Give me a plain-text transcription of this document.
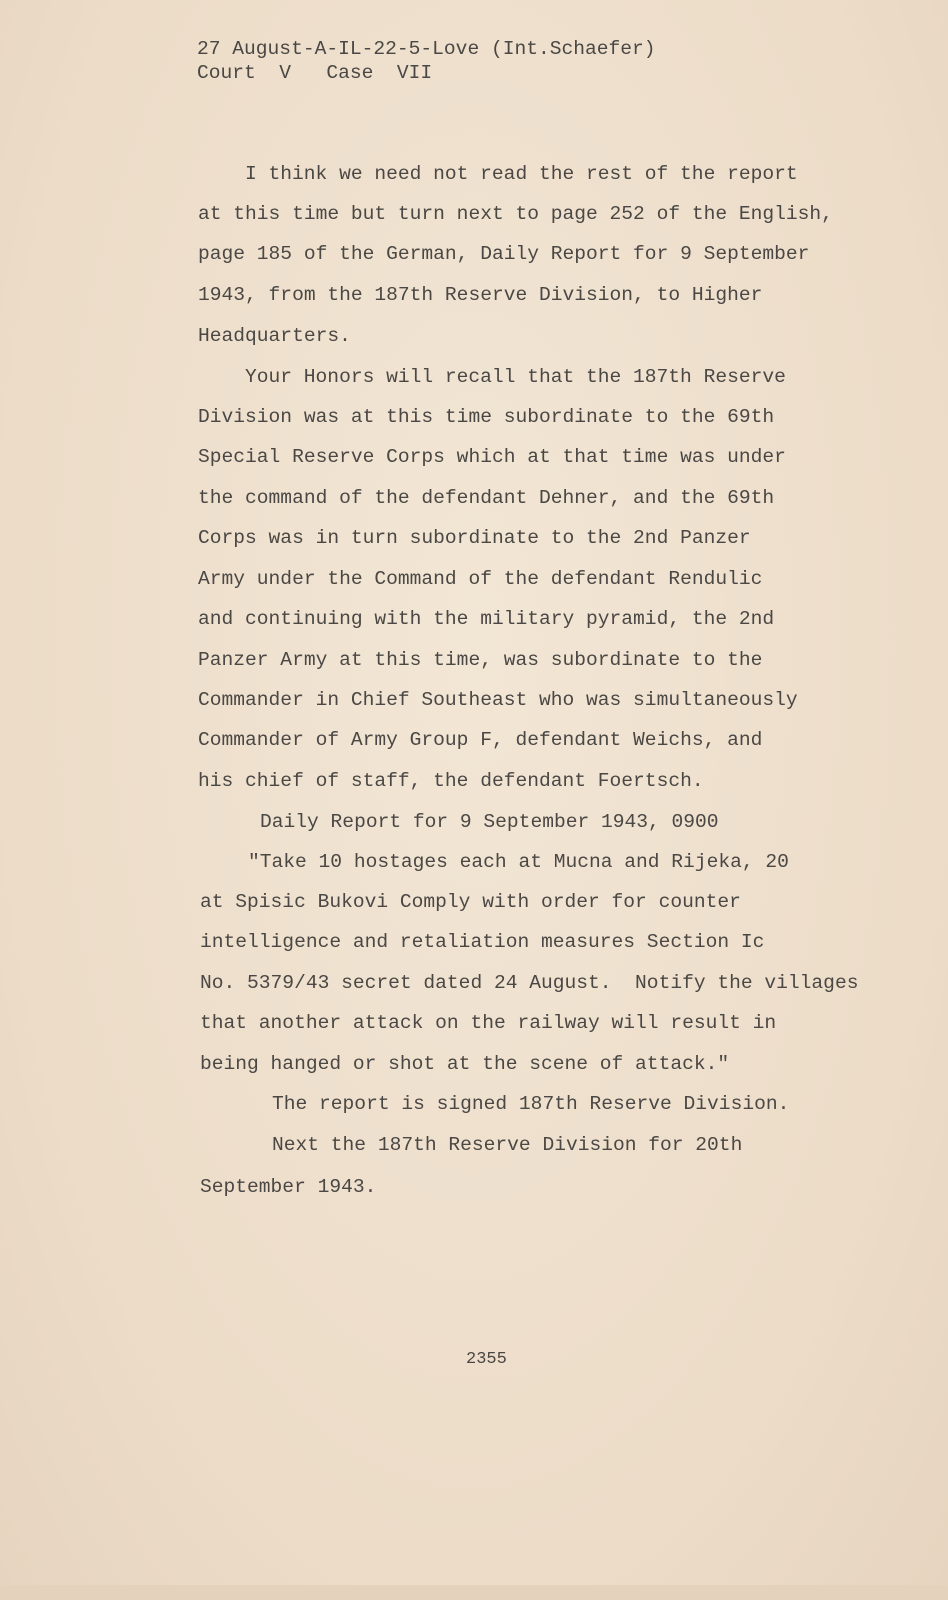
27 August-A-IL-22-5-Love (Int.Schaefer)
Court  V   Case  VII
I think we need not read the rest of the report
at this time but turn next to page 252 of the English,
page 185 of the German, Daily Report for 9 September
1943, from the 187th Reserve Division, to Higher
Headquarters.
Your Honors will recall that the 187th Reserve
Division was at this time subordinate to the 69th
Special Reserve Corps which at that time was under
the command of the defendant Dehner, and the 69th
Corps was in turn subordinate to the 2nd Panzer
Army under the Command of the defendant Rendulic
and continuing with the military pyramid, the 2nd
Panzer Army at this time, was subordinate to the
Commander in Chief Southeast who was simultaneously
Commander of Army Group F, defendant Weichs, and
his chief of staff, the defendant Foertsch.
Daily Report for 9 September 1943, 0900
"Take 10 hostages each at Mucna and Rijeka, 20
at Spisic Bukovi Comply with order for counter
intelligence and retaliation measures Section Ic
No. 5379/43 secret dated 24 August.  Notify the villages
that another attack on the railway will result in
being hanged or shot at the scene of attack."
The report is signed 187th Reserve Division.
Next the 187th Reserve Division for 20th
September 1943.
2355
